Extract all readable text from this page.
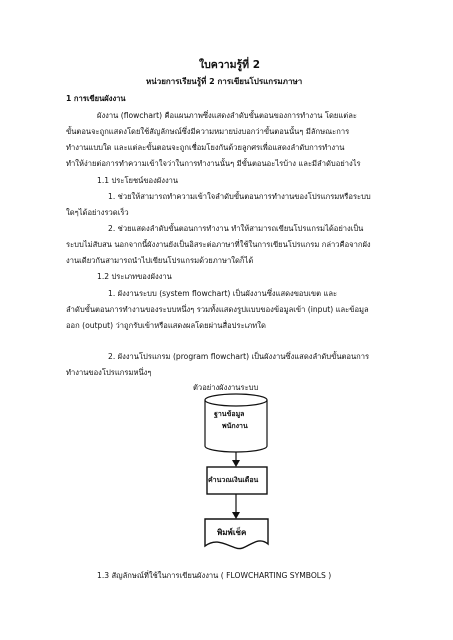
ใบความรู้ที่ 2
หน่วยการเรียนรู้ที่ 2 การเขียนโปรแกรมภาษา
1 การเขียนผังงาน
ผังงาน (flowchart) คือแผนภาพซึ่งแสดงลำดับขั้นตอนของการทำงาน โดยแต่ละ
ขั้นตอนจะถูกแสดงโดยใช้สัญลักษณ์ซึ่งมีความหมายบ่งบอกว่าขั้นตอนนั้นๆ มีลักษณะการ
ทำงานแบบใด และแต่ละขั้นตอนจะถูกเชื่อมโยงกันด้วยลูกศรเพื่อแสดงลำดับการทำงาน
ทำให้ง่ายต่อการทำความเข้าใจว่าในการทำงานนั้นๆ มีขั้นตอนอะไรบ้าง และมีลำดับอย่างไร
1.1 ประโยชน์ของผังงาน
1. ช่วยให้สามารถทำความเข้าใจลำดับขั้นตอนการทำงานของโปรแกรมหรือระบบ
ใดๆได้อย่างรวดเร็ว
2. ช่วยแสดงลำดับขั้นตอนการทำงาน ทำให้สามารถเขียนโปรแกรมได้อย่างเป็น
ระบบไม่สับสน นอกจากนี้ผังงานยังเป็นอิสระต่อภาษาที่ใช้ในการเขียนโปรแกรม กล่าวคือจากผัง
งานเดียวกันสามารถนำไปเขียนโปรแกรมด้วยภาษาใดก็ได้
1.2 ประเภทของผังงาน
1. ผังงานระบบ (system flowchart) เป็นผังงานซึ่งแสดงขอบเขต และ
ลำดับขั้นตอนการทำงานของระบบหนึ่งๆ รวมทั้งแสดงรูปแบบของข้อมูลเข้า (input) และข้อมูล
ออก (output) ว่าถูกรับเข้าหรือแสดงผลโดยผ่านสื่อประเภทใด
2. ผังงานโปรแกรม (program flowchart) เป็นผังงานซึ่งแสดงลำดับขั้นตอนการ
ทำงานของโปรแกรมหนึ่งๆ
ตัวอย่างผังงานระบบ
ฐานข้อมูล
พนักงาน
คำนวณเงินเดือน
พิมพ์เช็ค
1.3 สัญลักษณ์ที่ใช้ในการเขียนผังงาน ( FLOWCHARTING SYMBOLS )
